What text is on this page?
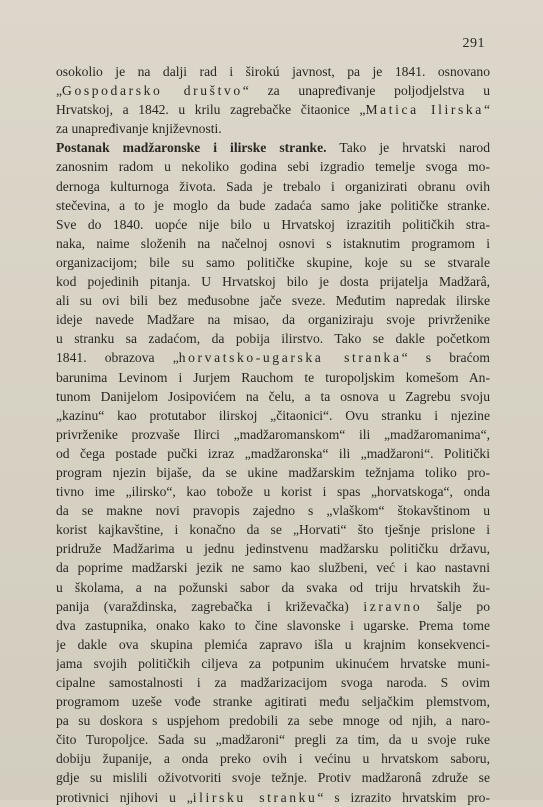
291
osokolio je na dalji rad i širokú javnost, pa je 1841. osnovano
„Gospodarsko društvo“ za unapređivanje poljodjelstva u
Hrvatskoj, a 1842. u krilu zagrebačke čitaonice „Matica Ilirska“
za unapređivanje književnosti.
Postanak madžaronske i ilirske stranke. Tako je hrvatski narod
zanosnim radom u nekoliko godina sebi izgradio temelje svoga mo-
dernoga kulturnoga života. Sada je trebalo i organizirati obranu ovih
stečevina, a to je moglo da bude zadaća samo jake političke stranke.
Sve do 1840. uopće nije bilo u Hrvatskoj izrazitih političkih stra-
naka, naime složenih na načelnoj osnovi s istaknutim programom i
organizacijom; bile su samo političke skupine, koje su se stvarale
kod pojedinih pitanja. U Hrvatskoj bilo je dosta prijatelja Madžarâ,
ali su ovi bili bez međusobne jače sveze. Međutim napredak ilirske
ideje navede Madžare na misao, da organiziraju svoje privrženike
u stranku sa zadaćom, da pobija ilirstvo. Tako se dakle početkom
1841. obrazova „horvatsko-ugarska stranka“ s braćom
barunima Levinom i Jurjem Rauchom te turopoljskim komešom An-
tunom Danijelom Josipovićem na čelu, a ta osnova u Zagrebu svoju
„kazinu“ kao protutabor ilirskoj „čitaonici“. Ovu stranku i njezine
privrženike prozvaše Ilirci „madžaromanskom“ ili „madžaromanima“,
od čega postade pučki izraz „madžaronska“ ili „madžaroni“. Politički
program njezin bijaše, da se ukine madžarskim težnjama toliko pro-
tivno ime „ilirsko“, kao tobože u korist i spas „horvatskoga“, onda
da se makne novi pravopis zajedno s „vlaškom“ štokavštinom u
korist kajkavštine, i konačno da se „Horvati“ što tješnje prislone i
pridruže Madžarima u jednu jedinstvenu madžarsku političku državu,
da poprime madžarski jezik ne samo kao službeni, već i kao nastavni
u školama, a na požunski sabor da svaka od triju hrvatskih žu-
panija (varaždinska, zagrebačka i križevačka) izravno šalje po
dva zastupnika, onako kako to čine slavonske i ugarske. Prema tome
je dakle ova skupina plemića zapravo išla u krajnim konsekvenci-
jama svojih političkih ciljeva za potpunim ukinućem hrvatske muni-
cipalne samostalnosti i za madžarizacijom svoga naroda. S ovim
programom uzeše vođe stranke agitirati među seljačkim plemstvom,
pa su doskora s uspjehom predobili za sebe mnoge od njih, a naro-
čito Turopoljce. Sada su „madžaroni“ pregli za tim, da u svoje ruke
dobiju županije, a onda preko ovih i većinu u hrvatskom saboru,
gdje su mislili oživotvoriti svoje težnje. Protiv madžaronâ združe se
protivnici njihovi u „ilirsku stranku“ s izrazito hrvatskim pro-
